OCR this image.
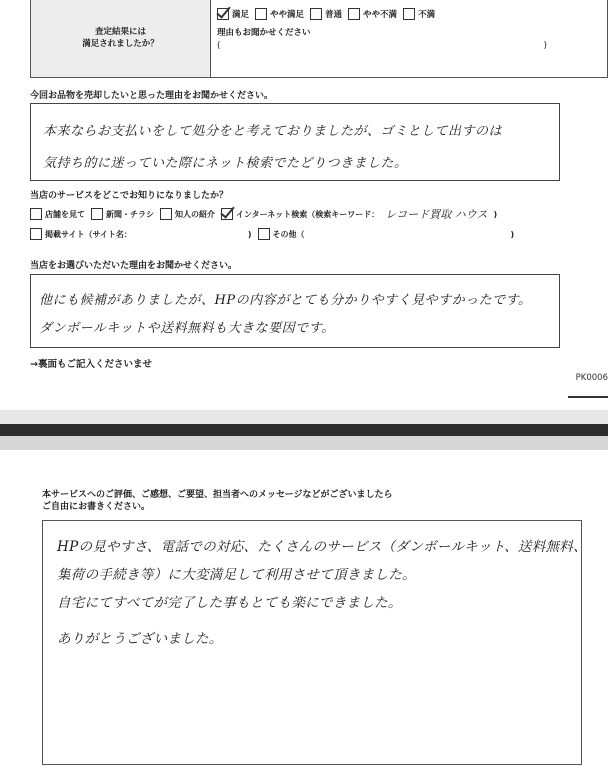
査定結果には
満足されましたか？
満足 やや満足 普通 やや不満 不満
理由もお聞かせください
(	)
今回お品物を売却したいと思った理由をお聞かせください。
本来ならお支払いをして処分をと考えておりましたが、ゴミとして出すのは
気持ち的に迷っていた際にネット検索でたどりつきました。
当店のサービスをどこでお知りになりましたか？
店舗を見て	新聞・チラシ	知人の紹介	インターネット検索（検索キーワード： レコード買取 ハウス )
掲載サイト（サイト名：	)	その他（	)
当店をお選びいただいた理由をお聞かせください。
他にも候補がありましたが、HPの内容がとても分かりやすく見やすかったです。
ダンボールキットや送料無料も大きな要因です。
→裏面もご記入くださいませ
PK0006
本サービスへのご評価、ご感想、ご要望、担当者へのメッセージなどがございましたら
ご自由にお書きください。
HPの見やすさ、電話での対応、たくさんのサービス（ダンボールキット、送料無料、
集荷の手続き等）に大変満足して利用させて頂きました。
自宅にてすべてが完了した事もとても楽にできました。
ありがとうございました。
